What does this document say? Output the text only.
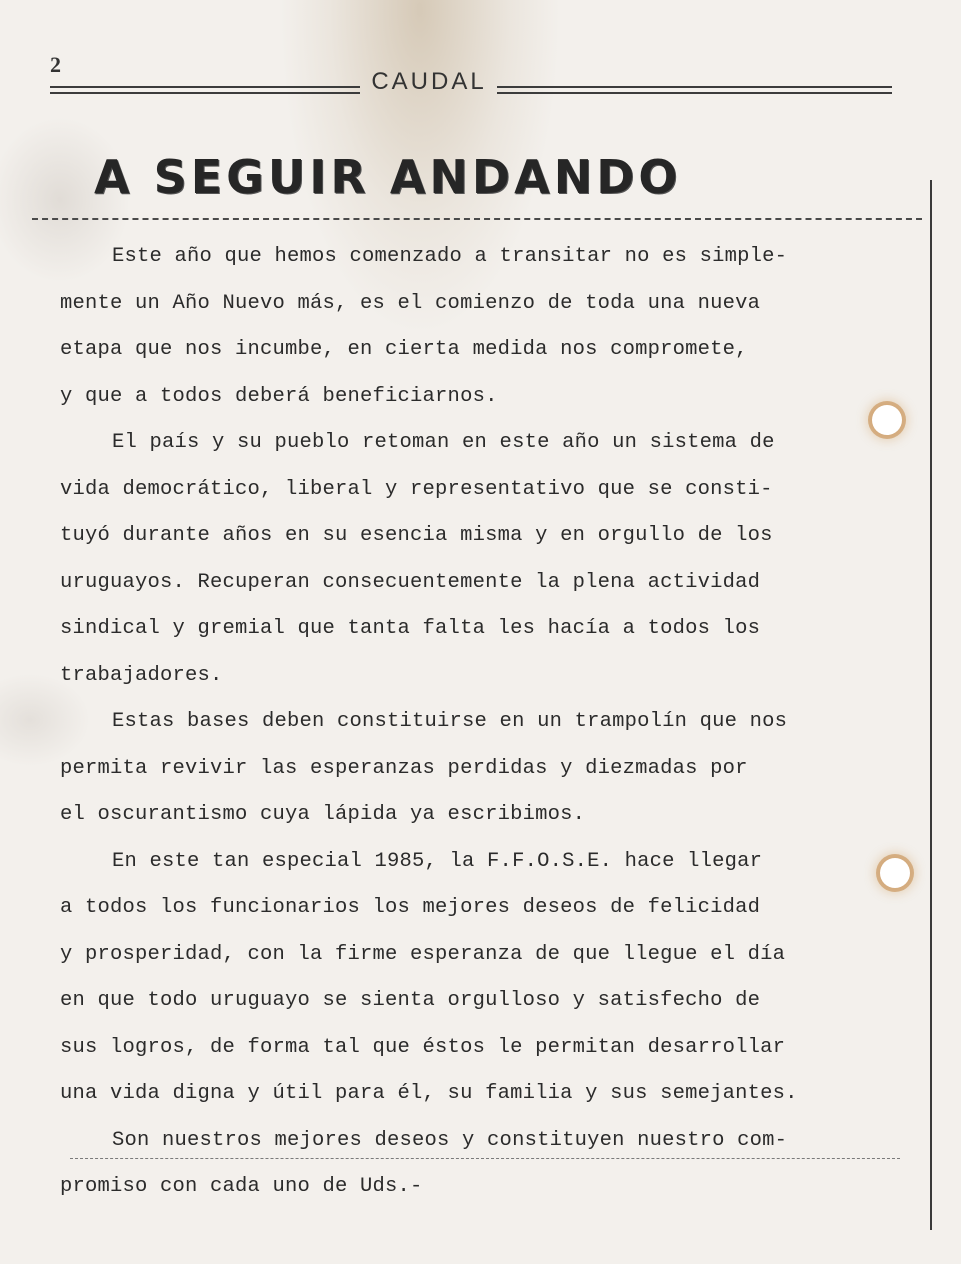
2
CAUDAL
A SEGUIR ANDANDO
Este año que hemos comenzado a transitar no es simple-
mente un Año Nuevo más, es el comienzo de toda una nueva
etapa que nos incumbe, en cierta medida nos compromete,
y que a todos deberá beneficiarnos.
El país y su pueblo retoman en este año un sistema de
vida democrático, liberal y representativo que se consti-
tuyó durante años en su esencia misma y en orgullo de los
uruguayos. Recuperan consecuentemente la plena actividad
sindical y gremial que tanta falta les hacía a todos los
trabajadores.
Estas bases deben constituirse en un trampolín que nos
permita revivir las esperanzas perdidas y diezmadas por
el oscurantismo cuya lápida ya escribimos.
En este tan especial 1985, la F.F.O.S.E. hace llegar
a todos los funcionarios los mejores deseos de felicidad
y prosperidad, con la firme esperanza de que llegue el día
en que todo uruguayo se sienta orgulloso y satisfecho de
sus logros, de forma tal que éstos le permitan desarrollar
una vida digna y útil para él, su familia y sus semejantes.
Son nuestros mejores deseos y constituyen nuestro com-
promiso con cada uno de Uds.-
